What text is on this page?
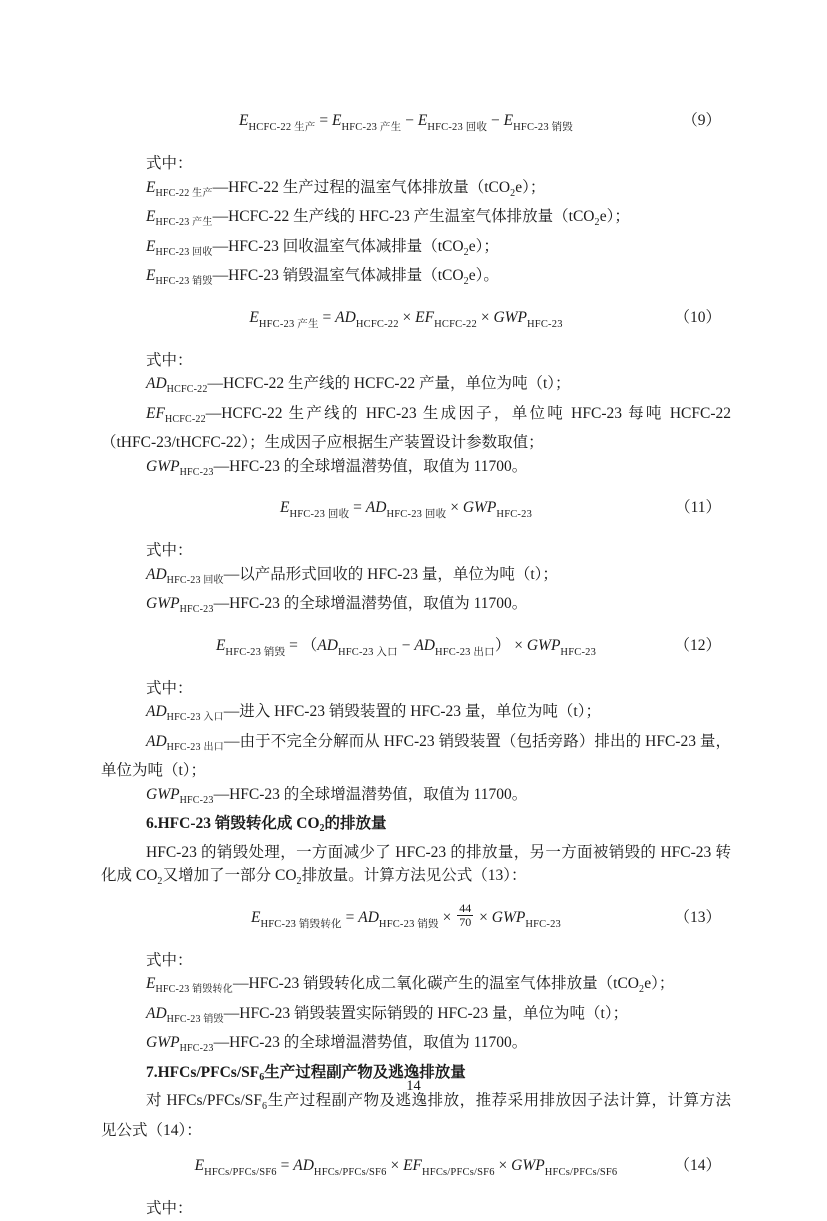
$E_{HCFC-22 生产} = E_{HFC-23 产生} - E_{HFC-23 回收} - E_{HFC-23 销毁}$	（9）
式中：
$E_{HFC-22 生产}—HFC-22$ 生产过程的温室气体排放量（tCO$_2$e）；
$E_{HFC-23 产生}—HCFC-22$ 生产线的 HFC-23 产生温室气体排放量（tCO$_2$e）；
$E_{HFC-23 回收}—HFC-23$ 回收温室气体减排量（tCO$_2$e）；
$E_{HFC-23 销毁}—HFC-23$ 销毁温室气体减排量（tCO$_2$e）。
$E_{HFC-23 产生} = AD_{HCFC-22} \times EF_{HCFC-22} \times GWP_{HFC-23}$	（10）
式中：
$AD_{HCFC-22}—HCFC-22$ 生产线的 HCFC-22 产量，单位为吨（t）；
$EF_{HCFC-22}—HCFC-22$ 生产线的 HFC-23 生成因子，单位吨 HFC-23 每吨 HCFC-22（tHFC-23/tHCFC-22）；生成因子应根据生产装置设计参数取值；
$GWP_{HFC-23}—HFC-23$ 的全球增温潜势值，取值为 11700。
$E_{HFC-23 回收} = AD_{HFC-23 回收} \times GWP_{HFC-23}$	（11）
式中：
$AD_{HFC-23 回收}—$以产品形式回收的 HFC-23 量，单位为吨（t）；
$GWP_{HFC-23}—HFC-23$ 的全球增温潜势值，取值为 11700。
$E_{HFC-23 销毁} = (AD_{HFC-23 入口} - AD_{HFC-23 出口}) \times GWP_{HFC-23}$	（12）
式中：
$AD_{HFC-23 入口}—$进入 HFC-23 销毁装置的 HFC-23 量，单位为吨（t）；
$AD_{HFC-23 出口}—$由于不完全分解而从 HFC-23 销毁装置（包括旁路）排出的 HFC-23 量，单位为吨（t）；
$GWP_{HFC-23}—HFC-23$ 的全球增温潜势值，取值为 11700。
6.HFC-23 销毁转化成 CO2的排放量
HFC-23 的销毁处理，一方面减少了 HFC-23 的排放量，另一方面被销毁的 HFC-23 转化成 $CO_2$又增加了一部分 $CO_2$排放量。计算方法见公式（13）：
$E_{HFC-23 销毁转化} = AD_{HFC-23 销毁} \times \frac{44}{70} \times GWP_{HFC-23}$	（13）
式中：
$E_{HFC-23 销毁转化}—HFC-23$ 销毁转化成二氧化碳产生的温室气体排放量（tCO$_2$e）；
$AD_{HFC-23 销毁}—HFC-23$ 销毁装置实际销毁的 HFC-23 量，单位为吨（t）；
$GWP_{HFC-23}—HFC-23$ 的全球增温潜势值，取值为 11700。
7.HFCs/PFCs/SF6生产过程副产物及逃逸排放量
对 HFCs/$PFCs/SF_6$生产过程副产物及逃逸排放，推荐采用排放因子法计算，计算方法见公式（14）：
$E_{HFCs/PFCs/SF6} = AD_{HFCs/PFCs/SF6} \times EF_{HFCs/PFCs/SF6} \times GWP_{HFCs/PFCs/SF6}$	（14）
式中：
14
